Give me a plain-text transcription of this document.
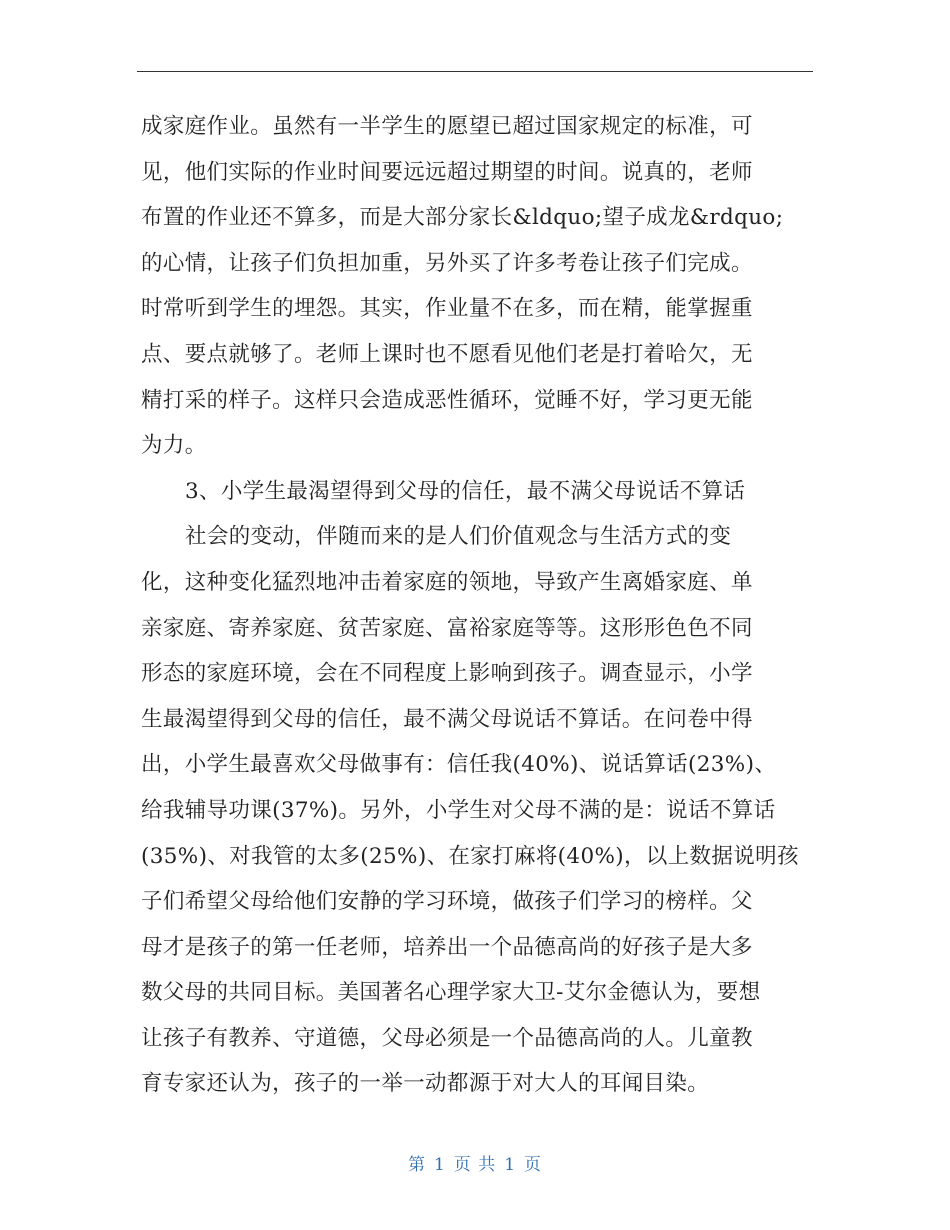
成家庭作业。虽然有一半学生的愿望已超过国家规定的标准，可
见，他们实际的作业时间要远远超过期望的时间。说真的，老师
布置的作业还不算多，而是大部分家长&ldquo;望子成龙&rdquo;
的心情，让孩子们负担加重，另外买了许多考卷让孩子们完成。
时常听到学生的埋怨。其实，作业量不在多，而在精，能掌握重
点、要点就够了。老师上课时也不愿看见他们老是打着哈欠，无
精打采的样子。这样只会造成恶性循环，觉睡不好，学习更无能
为力。
3、小学生最渴望得到父母的信任，最不满父母说话不算话
社会的变动，伴随而来的是人们价值观念与生活方式的变
化，这种变化猛烈地冲击着家庭的领地，导致产生离婚家庭、单
亲家庭、寄养家庭、贫苦家庭、富裕家庭等等。这形形色色不同
形态的家庭环境，会在不同程度上影响到孩子。调查显示，小学
生最渴望得到父母的信任，最不满父母说话不算话。在问卷中得
出，小学生最喜欢父母做事有：信任我(40%)、说话算话(23%)、
给我辅导功课(37%)。另外，小学生对父母不满的是：说话不算话
(35%)、对我管的太多(25%)、在家打麻将(40%)，以上数据说明孩
子们希望父母给他们安静的学习环境，做孩子们学习的榜样。父
母才是孩子的第一任老师，培养出一个品德高尚的好孩子是大多
数父母的共同目标。美国著名心理学家大卫-艾尔金德认为，要想
让孩子有教养、守道德，父母必须是一个品德高尚的人。儿童教
育专家还认为，孩子的一举一动都源于对大人的耳闻目染。
第 1 页 共 1 页
